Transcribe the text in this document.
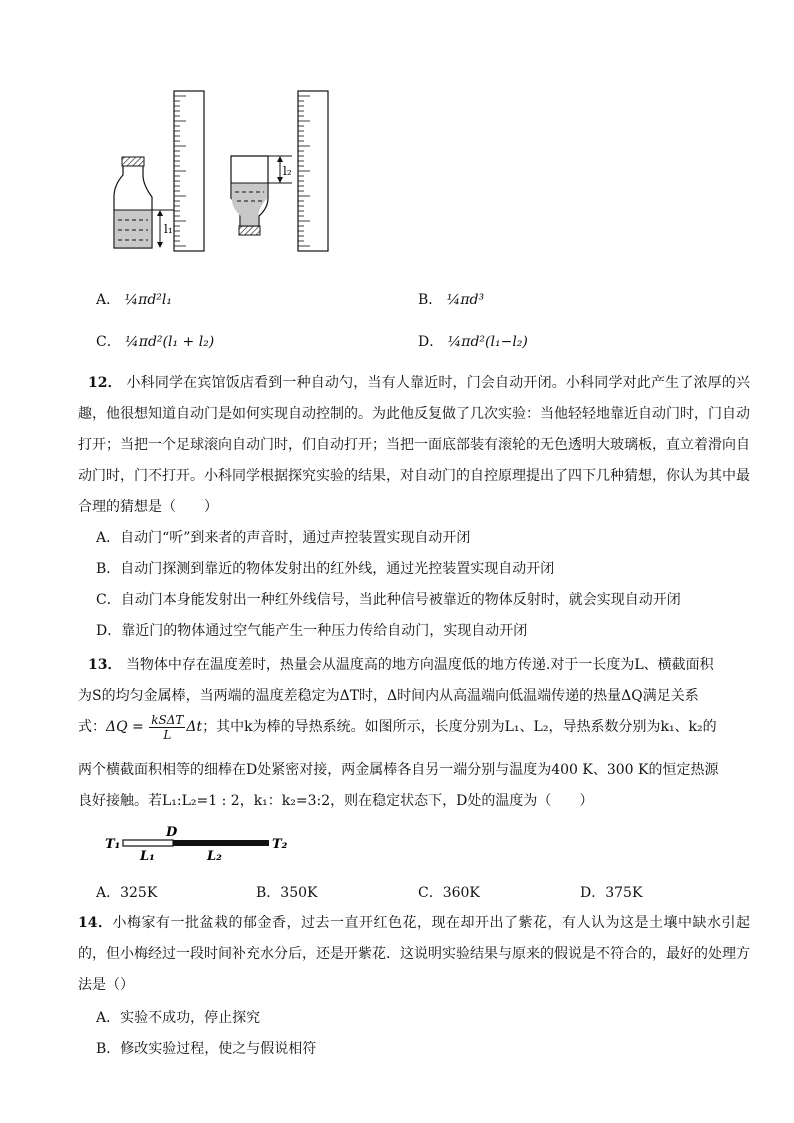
l₁
l₂
A． ¼πd²l₁	B． ¼πd³
C． ¼πd²(l₁ + l₂)	D． ¼πd²(l₁−l₂)
12． 小科同学在宾馆饭店看到一种自动勺，当有人靠近时，门会自动开闭。小科同学对此产生了浓厚的兴趣，他很想知道自动门是如何实现自动控制的。为此他反复做了几次实验：当他轻轻地靠近自动门时，门自动打开；当把一个足球滚向自动门时，们自动打开；当把一面底部装有滚轮的无色透明大玻璃板，直立着滑向自动门时，门不打开。小科同学根据探究实验的结果，对自动门的自控原理提出了四下几种猜想，你认为其中最合理的猜想是（　　）
A．自动门“听”到来者的声音时，通过声控装置实现自动开闭
B．自动门探测到靠近的物体发射出的红外线，通过光控装置实现自动开闭
C．自动门本身能发射出一种红外线信号，当此种信号被靠近的物体反射时，就会实现自动开闭
D．靠近门的物体通过空气能产生一种压力传给自动门，实现自动开闭
13． 当物体中存在温度差时，热量会从温度高的地方向温度低的地方传递.对于一长度为L、横截面积
为S的均匀金属棒，当两端的温度差稳定为ΔT时，Δ时间内从高温端向低温端传递的热量ΔQ满足关系
式：$\Delta Q = \frac{\text{kSΔT}}{L}$ Δt；其中k为棒的导热系统。如图所示，长度分别为L₁、L₂，导热系数分别为k₁、k₂的
两个横截面积相等的细棒在D处紧密对接，两金属棒各自另一端分别与温度为400 K、300 K的恒定热源
良好接触。若L₁:L₂=1 : 2，k₁：k₂=3:2，则在稳定状态下，D处的温度为（　　）
T₁
D
L₁	L₂
T₂
A．325K	B．350K	C．360K	D．375K
14．小梅家有一批盆栽的郁金香，过去一直开红色花，现在却开出了紫花，有人认为这是土壤中缺水引起的，但小梅经过一段时间补充水分后，还是开紫花．这说明实验结果与原来的假说是不符合的，最好的处理方法是（）
A．实验不成功，停止探究
B．修改实验过程，使之与假说相符
